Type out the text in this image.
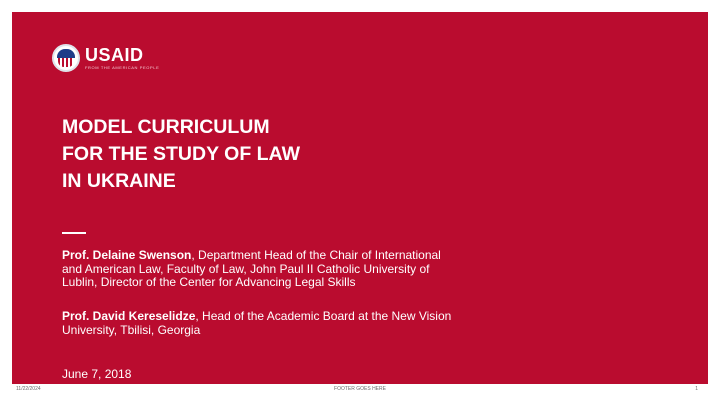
USAID
FROM THE AMERICAN PEOPLE
MODEL CURRICULUM
FOR THE STUDY OF LAW
IN UKRAINE

Prof. Delaine Swenson, Department Head of the Chair of International and American Law, Faculty of Law, John Paul II Catholic University of Lublin, Director of the Center for Advancing Legal Skills

Prof. David Kereselidze, Head of the Academic Board at the New Vision University, Tbilisi, Georgia

June 7, 2018
11/22/2024	FOOTER GOES HERE	1
